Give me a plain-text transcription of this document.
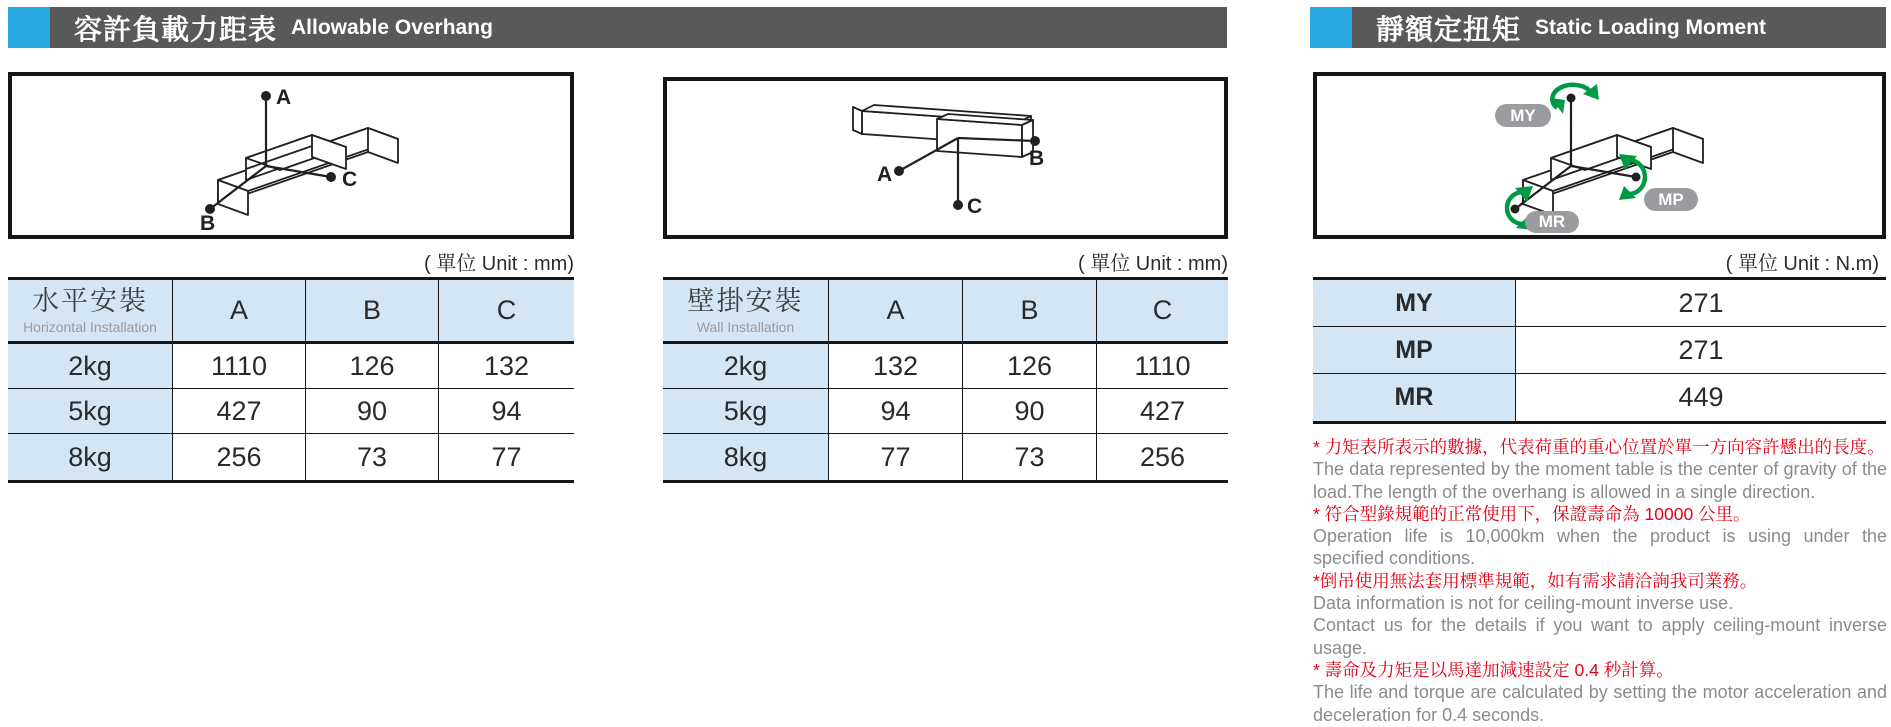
容許負載力距表 Allowable Overhang	靜額定扭矩 Static Loading Moment
A
B
C	A
B
C
MY
MP
MR
( 單位 Unit : mm)	( 單位 Unit : mm)	( 單位 Unit : N.m)
水平安裝
Horizontal Installation
A	B	C
2kg	1110	126	132
5kg	427	90	94
8kg	256	73	77
壁掛安裝
Wall Installation
A	B	C
2kg	132	126	1110
5kg	94	90	427
8kg	77	73	256
MY	271
MP	271
MR	449
* 力矩表所表示的數據，代表荷重的重心位置於單一方向容許懸出的長度。
The data represented by the moment table is the center of gravity of the load.The length of the overhang is allowed in a single direction.
* 符合型錄規範的正常使用下，保證壽命為 10000 公里。
Operation life is 10,000km when the product is using under the specified conditions.
*倒吊使用無法套用標準規範，如有需求請洽詢我司業務。
Data information is not for ceiling-mount inverse use.
Contact us for the details if you want to apply ceiling-mount inverse usage.
* 壽命及力矩是以馬達加減速設定 0.4 秒計算。
The life and torque are calculated by setting the motor acceleration and deceleration for 0.4 seconds.
